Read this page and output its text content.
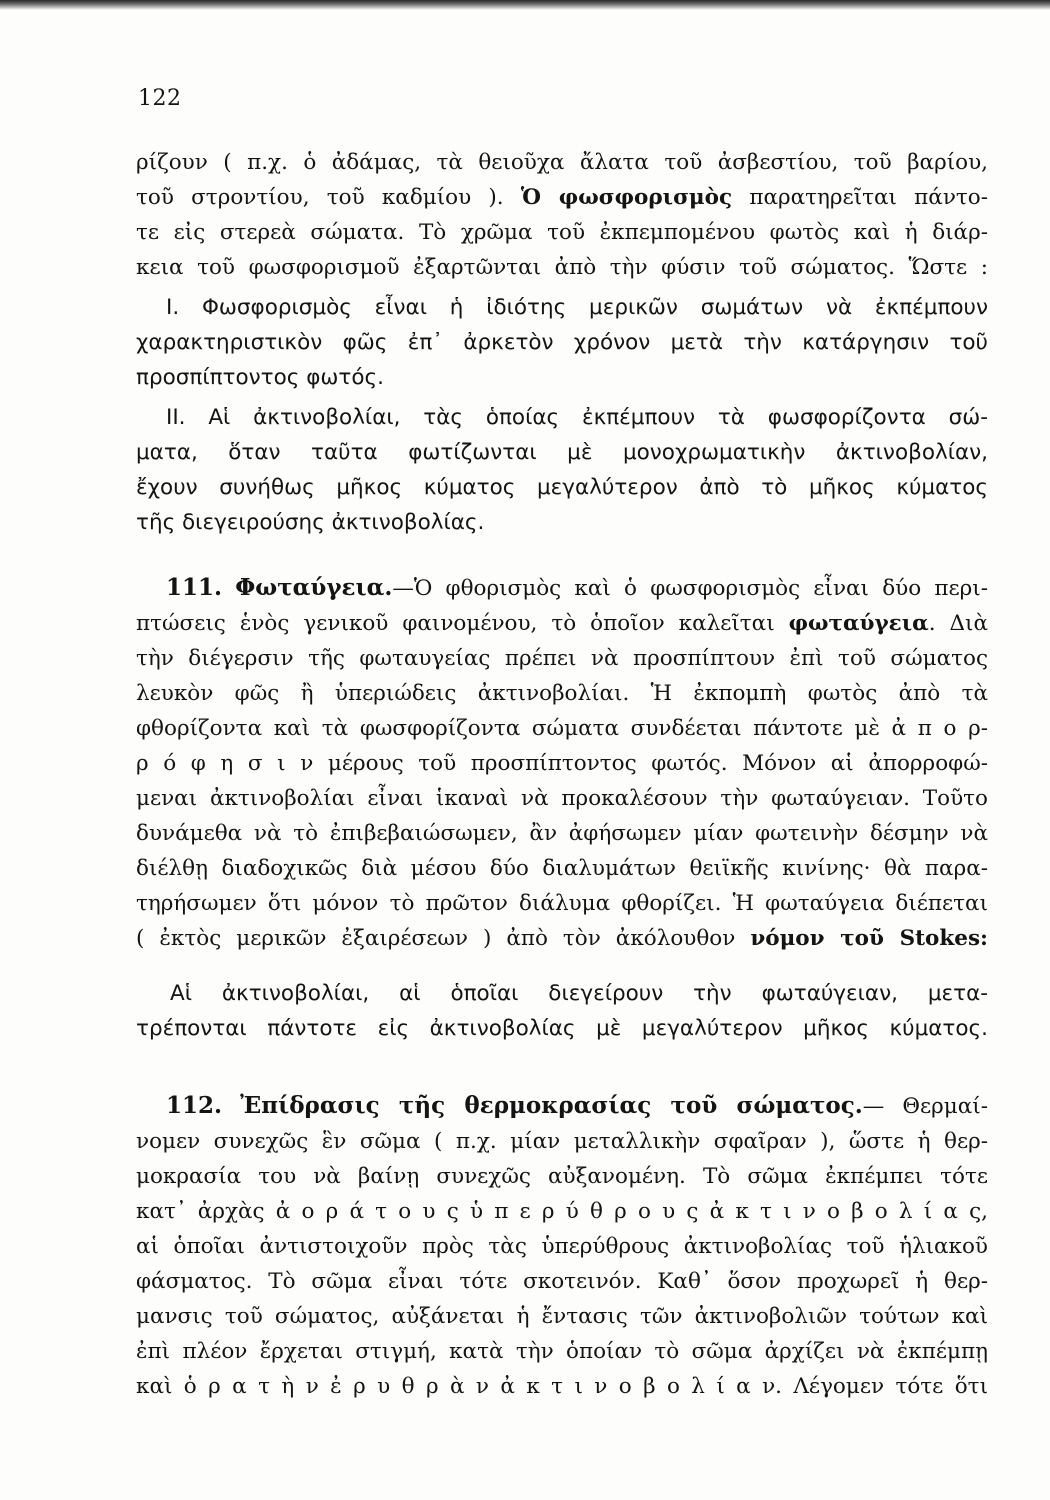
122
ρίζουν ( π.χ. ὁ ἀδάμας, τὰ θειοῦχα ἄλατα τοῦ ἀσβεστίου, τοῦ βαρίου,
τοῦ στροντίου, τοῦ καδμίου ). Ὁ φωσφορισμὸς παρατηρεῖται πάντο-
τε εἰς στερεὰ σώματα. Τὸ χρῶμα τοῦ ἐκπεμπομένου φωτὸς καὶ ἡ διάρ-
κεια τοῦ φωσφορισμοῦ ἐξαρτῶνται ἀπὸ τὴν φύσιν τοῦ σώματος. Ὥστε :
I. Φωσφορισμὸς εἶναι ἡ ἰδιότης μερικῶν σωμάτων νὰ ἐκπέμπουν
χαρακτηριστικὸν φῶς ἐπ᾽ ἀρκετὸν χρόνον μετὰ τὴν κατάργησιν τοῦ
προσπίπτοντος φωτός.
II. Αἱ ἀκτινοβολίαι, τὰς ὁποίας ἐκπέμπουν τὰ φωσφορίζοντα σώ-
ματα, ὅταν ταῦτα φωτίζωνται μὲ μονοχρωματικὴν ἀκτινοβολίαν,
ἔχουν συνήθως μῆκος κύματος μεγαλύτερον ἀπὸ τὸ μῆκος κύματος
τῆς διεγειρούσης ἀκτινοβολίας.
111. Φωταύγεια.—Ὁ φθορισμὸς καὶ ὁ φωσφορισμὸς εἶναι δύο περι-
πτώσεις ἑνὸς γενικοῦ φαινομένου, τὸ ὁποῖον καλεῖται φωταύγεια. Διὰ
τὴν διέγερσιν τῆς φωταυγείας πρέπει νὰ προσπίπτουν ἐπὶ τοῦ σώματος
λευκὸν φῶς ἢ ὑπεριώδεις ἀκτινοβολίαι. Ἡ ἐκπομπὴ φωτὸς ἀπὸ τὰ
φθορίζοντα καὶ τὰ φωσφορίζοντα σώματα συνδέεται πάντοτε μὲ ἀ π ο ρ-
ρ ό φ η σ ι ν μέρους τοῦ προσπίπτοντος φωτός. Μόνον αἱ ἀπορροφώ-
μεναι ἀκτινοβολίαι εἶναι ἱκαναὶ νὰ προκαλέσουν τὴν φωταύγειαν. Τοῦτο
δυνάμεθα νὰ τὸ ἐπιβεβαιώσωμεν, ἂν ἀφήσωμεν μίαν φωτεινὴν δέσμην νὰ
διέλθῃ διαδοχικῶς διὰ μέσου δύο διαλυμάτων θειϊκῆς κινίνης· θὰ παρα-
τηρήσωμεν ὅτι μόνον τὸ πρῶτον διάλυμα φθορίζει. Ἡ φωταύγεια διέπεται
( ἐκτὸς μερικῶν ἐξαιρέσεων ) ἀπὸ τὸν ἀκόλουθον νόμον τοῦ Stokes:
Αἱ ἀκτινοβολίαι, αἱ ὁποῖαι διεγείρουν τὴν φωταύγειαν, μετα-
τρέπονται πάντοτε εἰς ἀκτινοβολίας μὲ μεγαλύτερον μῆκος κύματος.
112. Ἐπίδρασις τῆς θερμοκρασίας τοῦ σώματος.— Θερμαί-
νομεν συνεχῶς ἓν σῶμα ( π.χ. μίαν μεταλλικὴν σφαῖραν ), ὥστε ἡ θερ-
μοκρασία του νὰ βαίνῃ συνεχῶς αὐξανομένη. Τὸ σῶμα ἐκπέμπει τότε
κατ᾽ ἀρχὰς ἀ ο ρ ά τ ο υ ς ὑ π ε ρ ύ θ ρ ο υ ς ἀ κ τ ι ν ο β ο λ ί α ς,
αἱ ὁποῖαι ἀντιστοιχοῦν πρὸς τὰς ὑπερύθρους ἀκτινοβολίας τοῦ ἡλιακοῦ
φάσματος. Τὸ σῶμα εἶναι τότε σκοτεινόν. Καθ᾽ ὅσον προχωρεῖ ἡ θερ-
μανσις τοῦ σώματος, αὐξάνεται ἡ ἔντασις τῶν ἀκτινοβολιῶν τούτων καὶ
ἐπὶ πλέον ἔρχεται στιγμή, κατὰ τὴν ὁποίαν τὸ σῶμα ἀρχίζει νὰ ἐκπέμπῃ
καὶ ὁ ρ α τ ὴ ν ἐ ρ υ θ ρ ὰ ν ἀ κ τ ι ν ο β ο λ ί α ν. Λέγομεν τότε ὅτι
